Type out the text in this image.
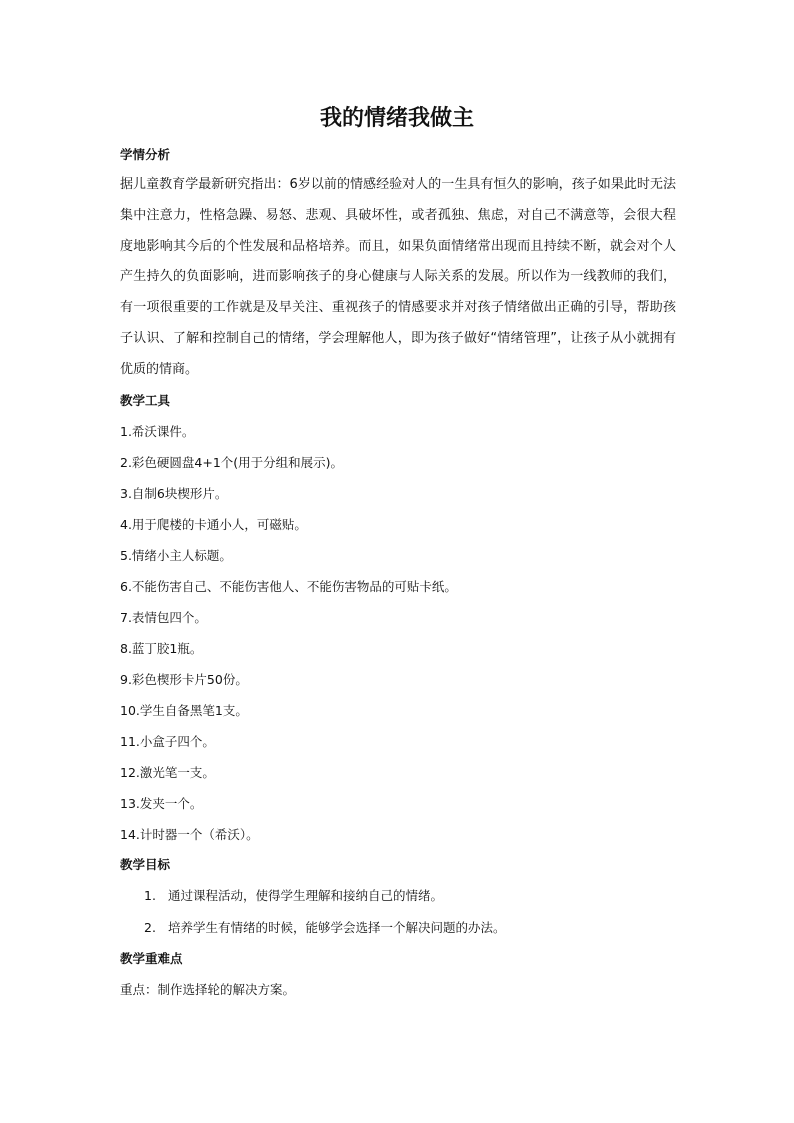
我的情绪我做主
学情分析

据儿童教育学最新研究指出：6岁以前的情感经验对人的一生具有恒久的影响，孩子如果此时无法集中注意力，性格急躁、易怒、悲观、具破坏性，或者孤独、焦虑，对自己不满意等，会很大程度地影响其今后的个性发展和品格培养。而且，如果负面情绪常出现而且持续不断，就会对个人产生持久的负面影响，进而影响孩子的身心健康与人际关系的发展。所以作为一线教师的我们，有一项很重要的工作就是及早关注、重视孩子的情感要求并对孩子情绪做出正确的引导，帮助孩子认识、了解和控制自己的情绪，学会理解他人，即为孩子做好“情绪管理”，让孩子从小就拥有优质的情商。

教学工具
1.希沃课件。
2.彩色硬圆盘4+1个(用于分组和展示)。
3.自制6块楔形片。
4.用于爬楼的卡通小人，可磁贴。
5.情绪小主人标题。
6.不能伤害自己、不能伤害他人、不能伤害物品的可贴卡纸。
7.表情包四个。
8.蓝丁胶1瓶。
9.彩色楔形卡片50份。
10.学生自备黑笔1支。
11.小盒子四个。
12.激光笔一支。
13.发夹一个。
14.计时器一个（希沃）。
教学目标
1. 通过课程活动，使得学生理解和接纳自己的情绪。
2. 培养学生有情绪的时候，能够学会选择一个解决问题的办法。
教学重难点
重点：制作选择轮的解决方案。
